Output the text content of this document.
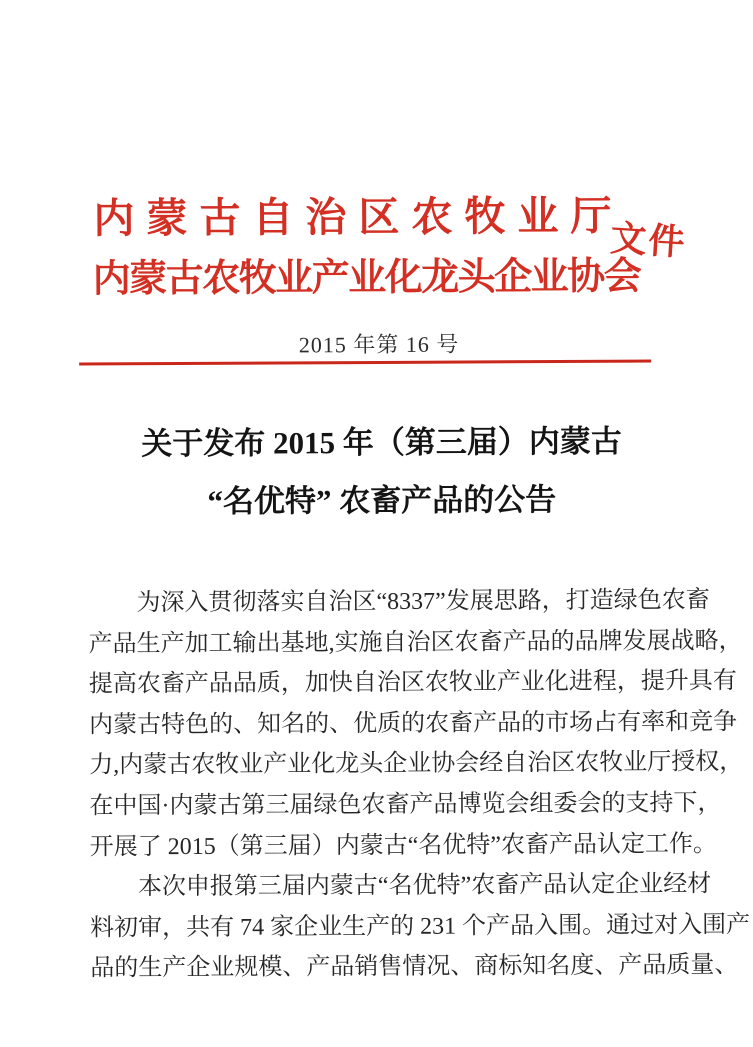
内蒙古自治区农牧业厅
内蒙古农牧业产业化龙头企业协会
文件
2015 年第 16 号
关于发布 2015 年（第三届）内蒙古
“名优特” 农畜产品的公告
为深入贯彻落实自治区“8337”发展思路，打造绿色农畜
产品生产加工输出基地,实施自治区农畜产品的品牌发展战略，
提高农畜产品品质，加快自治区农牧业产业化进程，提升具有
内蒙古特色的、知名的、优质的农畜产品的市场占有率和竞争
力,内蒙古农牧业产业化龙头企业协会经自治区农牧业厅授权，
在中国·内蒙古第三届绿色农畜产品博览会组委会的支持下，
开展了 2015（第三届）内蒙古“名优特”农畜产品认定工作。
本次申报第三届内蒙古“名优特”农畜产品认定企业经材
料初审，共有 74 家企业生产的 231 个产品入围。通过对入围产
品的生产企业规模、产品销售情况、商标知名度、产品质量、
